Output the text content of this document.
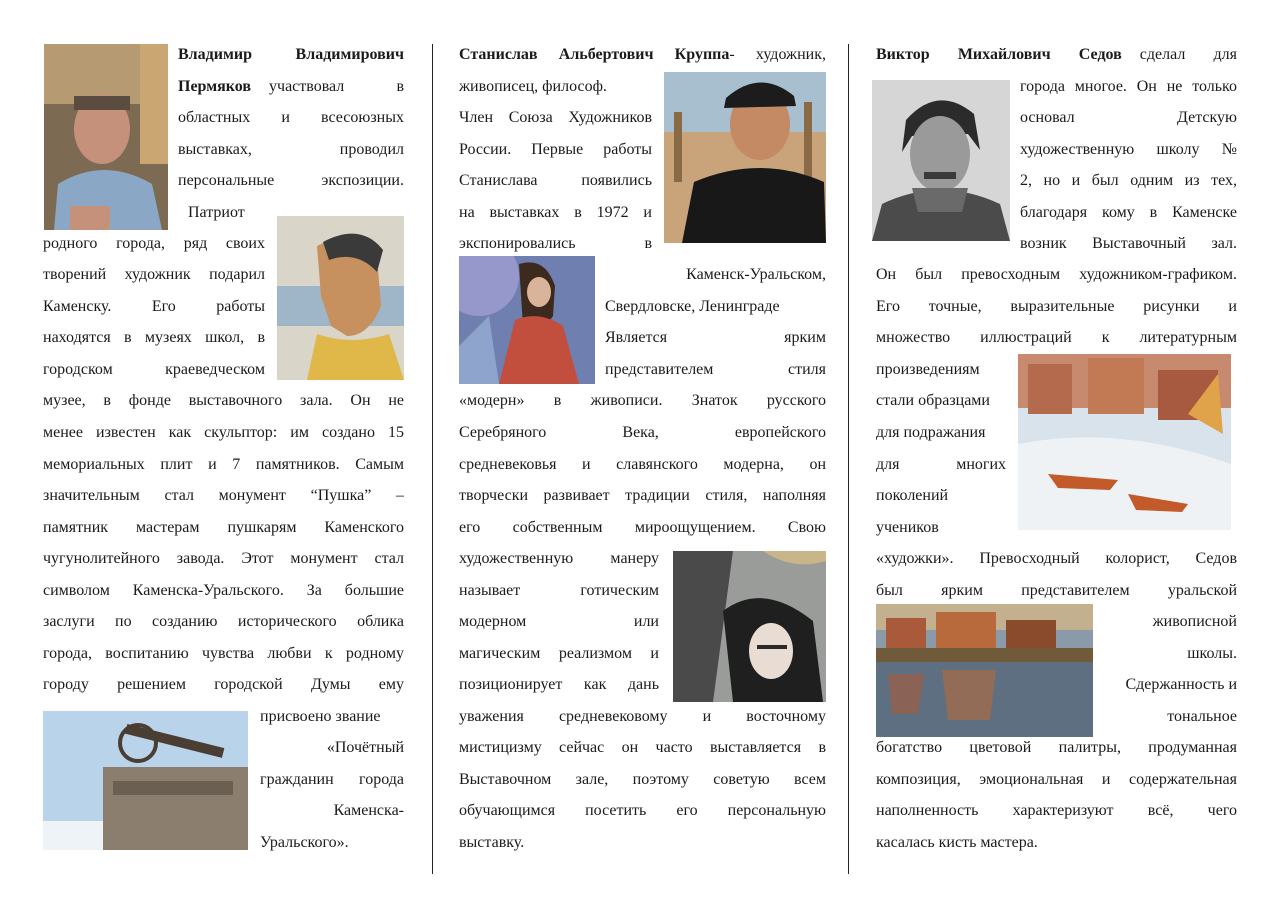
Владимир Владимирович
Пермяков участвовал в
областных и всесоюзных
выставках, проводил
персональные экспозиции.
Патриот
родного города, ряд своих
творений художник подарил
Каменску. Его работы
находятся в музеях школ, в
городском краеведческом
музее, в фонде выставочного зала. Он не
менее известен как скульптор: им создано 15
мемориальных плит и 7 памятников. Самым
значительным стал монумент “Пушка” –
памятник мастерам пушкарям Каменского
чугунолитейного завода. Этот монумент стал
символом Каменска-Уральского. За большие
заслуги по созданию исторического облика
города, воспитанию чувства любви к родному
городу решением городской Думы ему
присвоено звание
«Почётный
гражданин города
Каменска-
Уральского».
Станислав Альбертович Круппа- художник,
живописец, философ.
Член Союза Художников
России. Первые работы
Станислава появились
на выставках в 1972 и
экспонировались в
Каменск-Уральском,
Свердловске, Ленинграде
Является ярким
представителем стиля
«модерн» в живописи. Знаток русского
Серебряного Века, европейского
средневековья и славянского модерна, он
творчески развивает традиции стиля, наполняя
его собственным мироощущением. Свою
художественную манеру
называет готическим
модерном или
магическим реализмом и
позиционирует как дань
уважения средневековому и восточному
мистицизму сейчас он часто выставляется в
Выставочном зале, поэтому советую всем
обучающимся посетить его персональную
выставку.
Виктор Михайлович Седов сделал для
города многое. Он не только
основал Детскую
художественную школу №
2, но и был одним из тех,
благодаря кому в Каменске
возник Выставочный зал.
Он был превосходным художником-графиком.
Его точные, выразительные рисунки и
множество иллюстраций к литературным
произведениям
стали образцами
для подражания
для многих
поколений
учеников
«художки». Превосходный колорист, Седов
был ярким представителем уральской
живописной
школы.
Сдержанность и
тональное
богатство цветовой палитры, продуманная
композиция, эмоциональная и содержательная
наполненность характеризуют всё, чего
касалась кисть мастера.
